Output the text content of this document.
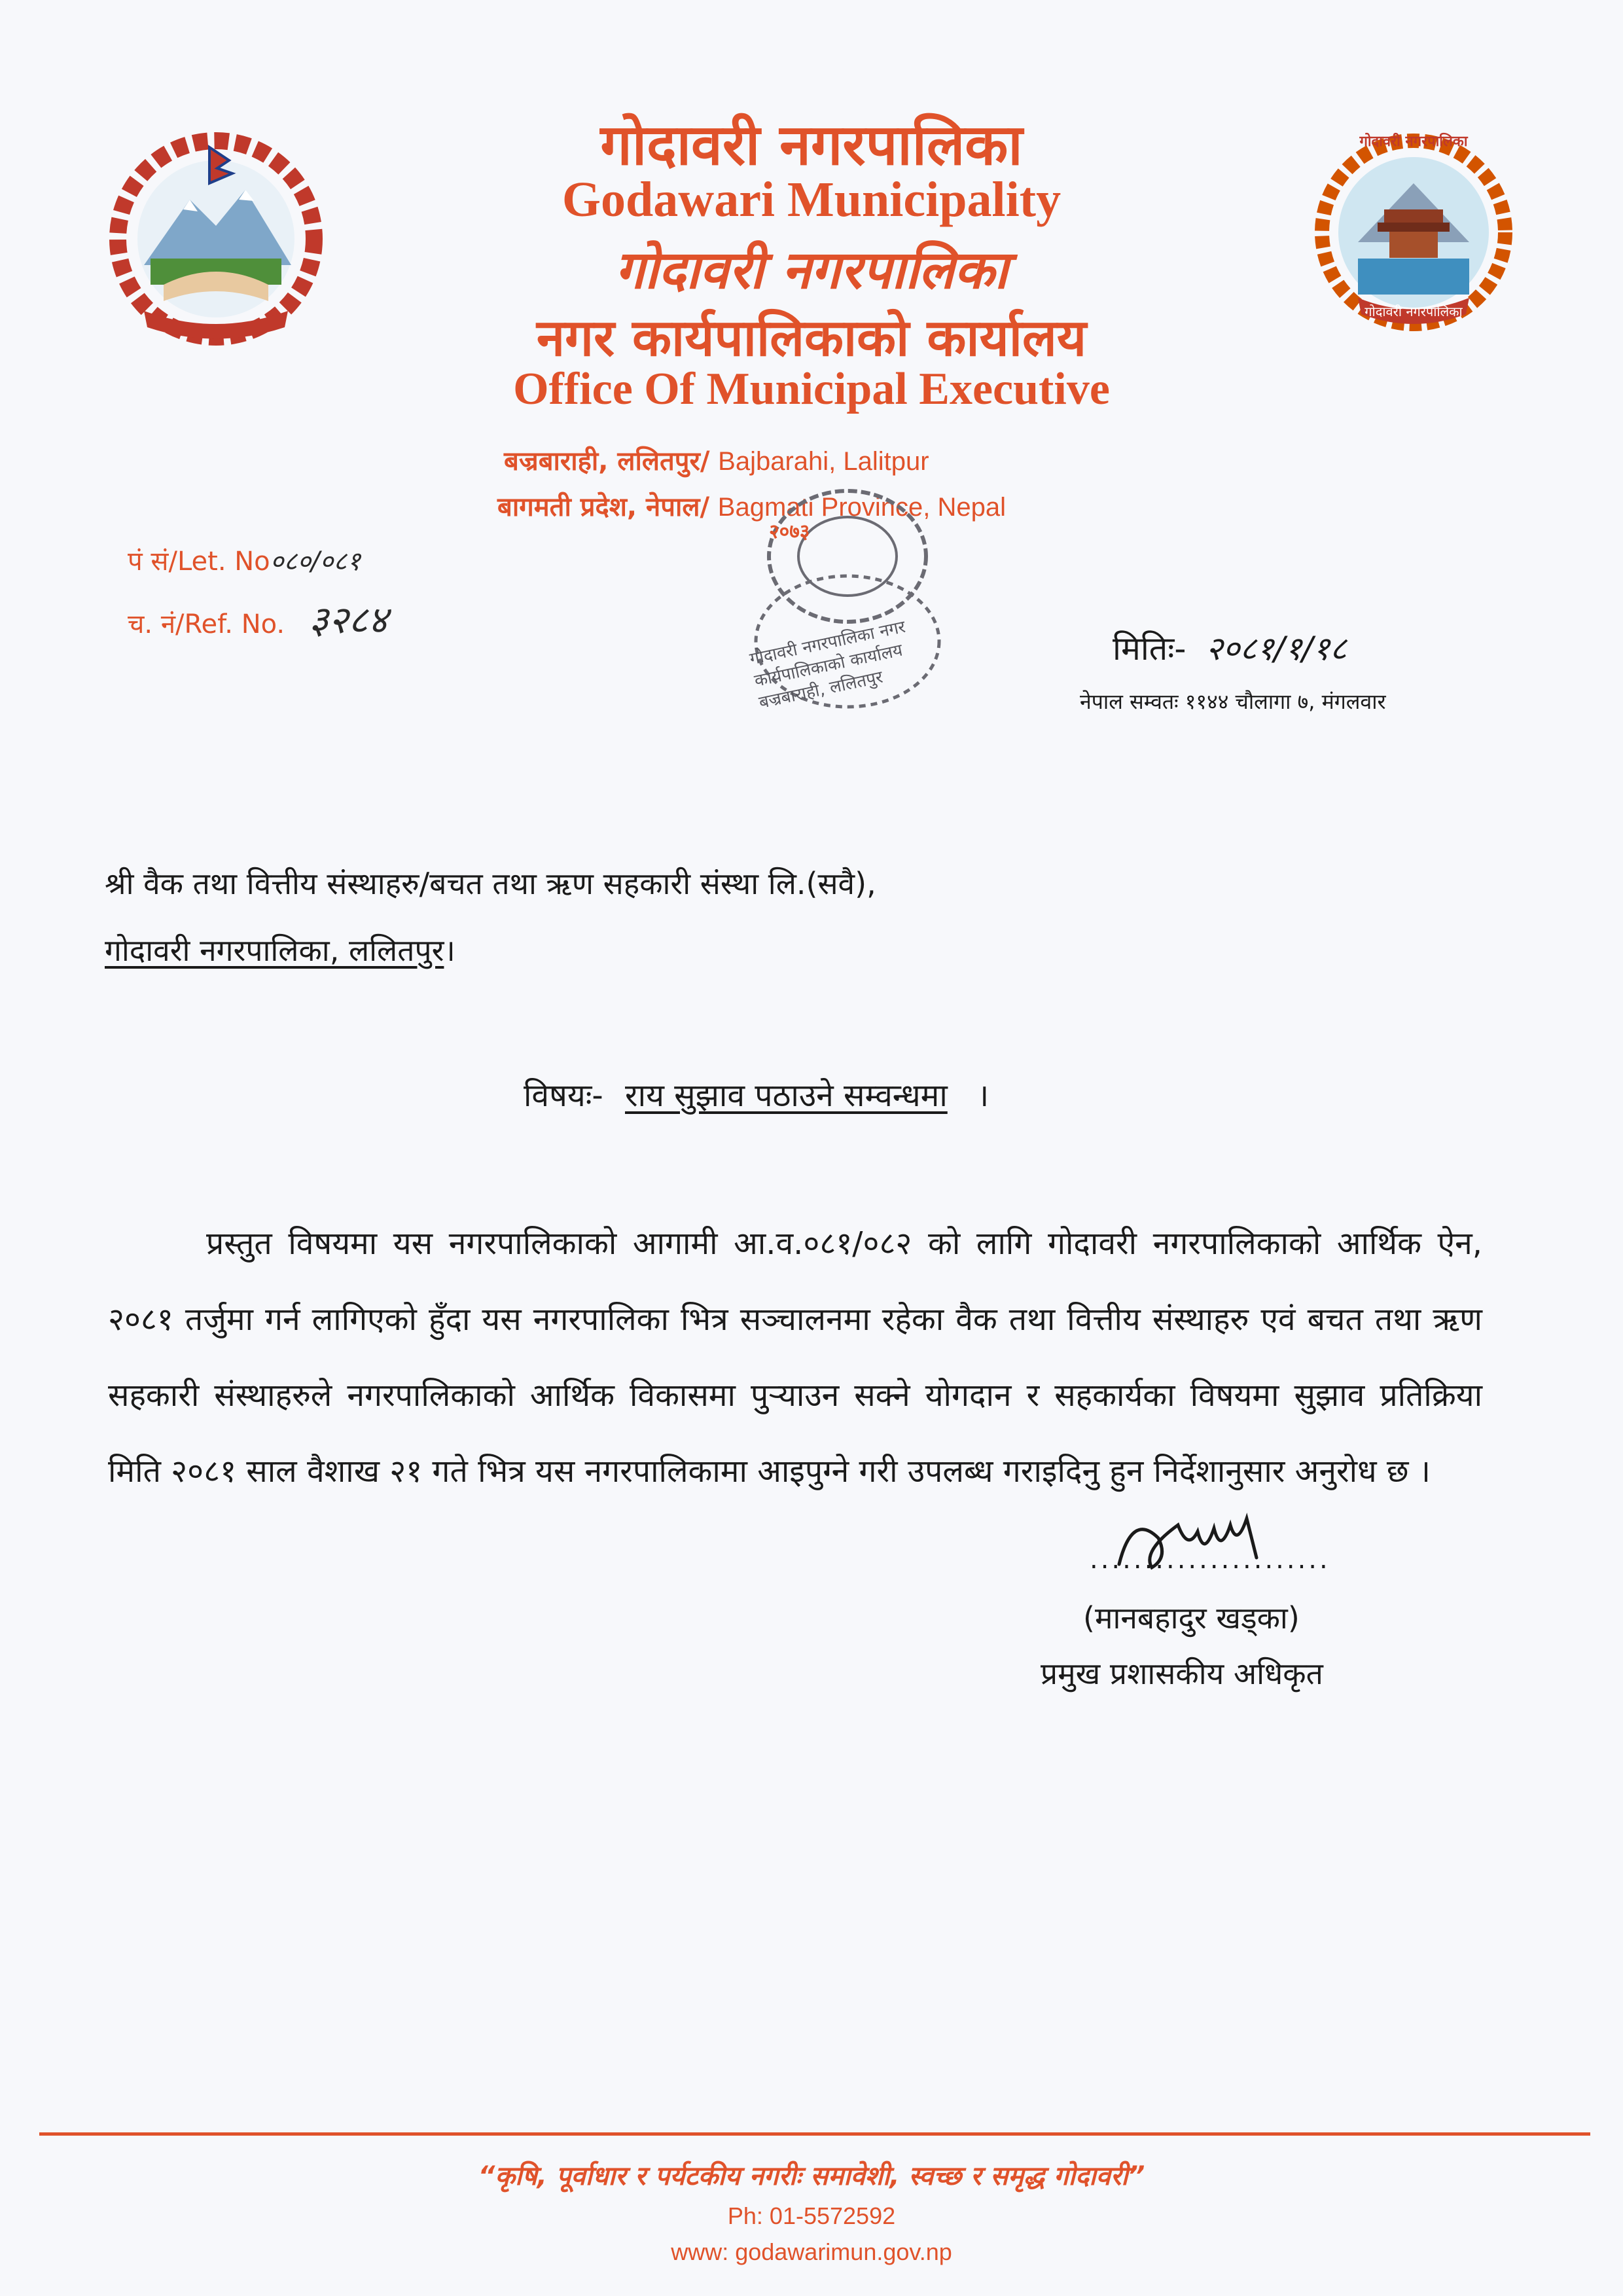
गोदावरी नगरपालिका
गोदावरी नगरपालिका
गोदावरी नगरपालिका
Godawari Municipality
गोदावरी नगरपालिका
नगर कार्यपालिकाको कार्यालय
Office Of Municipal Executive
बज्रबाराही, ललितपुर/ Bajbarahi, Lalitpur
बागमती प्रदेश, नेपाल/ Bagmati Province, Nepal
पं सं/Let. No०८०/०८१
च. नं/Ref. No. ३२८४
२०७३
गोदावरी नगरपालिका नगर कार्यपालिकाको कार्यालय बज्रबाराही, ललितपुर
मितिः- २०८१/१/१८
नेपाल सम्वतः ११४४ चौलागा ७, मंगलवार
श्री वैक तथा वित्तीय संस्थाहरु/बचत तथा ऋण सहकारी संस्था लि.(सवै),
गोदावरी नगरपालिका, ललितपुर।
विषयः- राय सुझाव पठाउने सम्वन्धमा ।
प्रस्तुत विषयमा यस नगरपालिकाको आगामी आ.व.०८१/०८२ को लागि गोदावरी नगरपालिकाको आर्थिक ऐन, २०८१ तर्जुमा गर्न लागिएको हुँदा यस नगरपालिका भित्र सञ्चालनमा रहेका वैक तथा वित्तीय संस्थाहरु एवं बचत तथा ऋण सहकारी संस्थाहरुले नगरपालिकाको आर्थिक विकासमा पुऱ्याउन सक्ने योगदान र सहकार्यका विषयमा सुझाव प्रतिक्रिया मिति २०८१ साल वैशाख २१ गते भित्र यस नगरपालिकामा आइपुग्ने गरी उपलब्ध गराइदिनु हुन निर्देशानुसार अनुरोध छ ।
......................
(मानबहादुर खड्का)
प्रमुख प्रशासकीय अधिकृत
“कृषि, पूर्वाधार र पर्यटकीय नगरीः समावेशी, स्वच्छ र समृद्ध गोदावरी”
Ph: 01-5572592
www: godawarimun.gov.np
